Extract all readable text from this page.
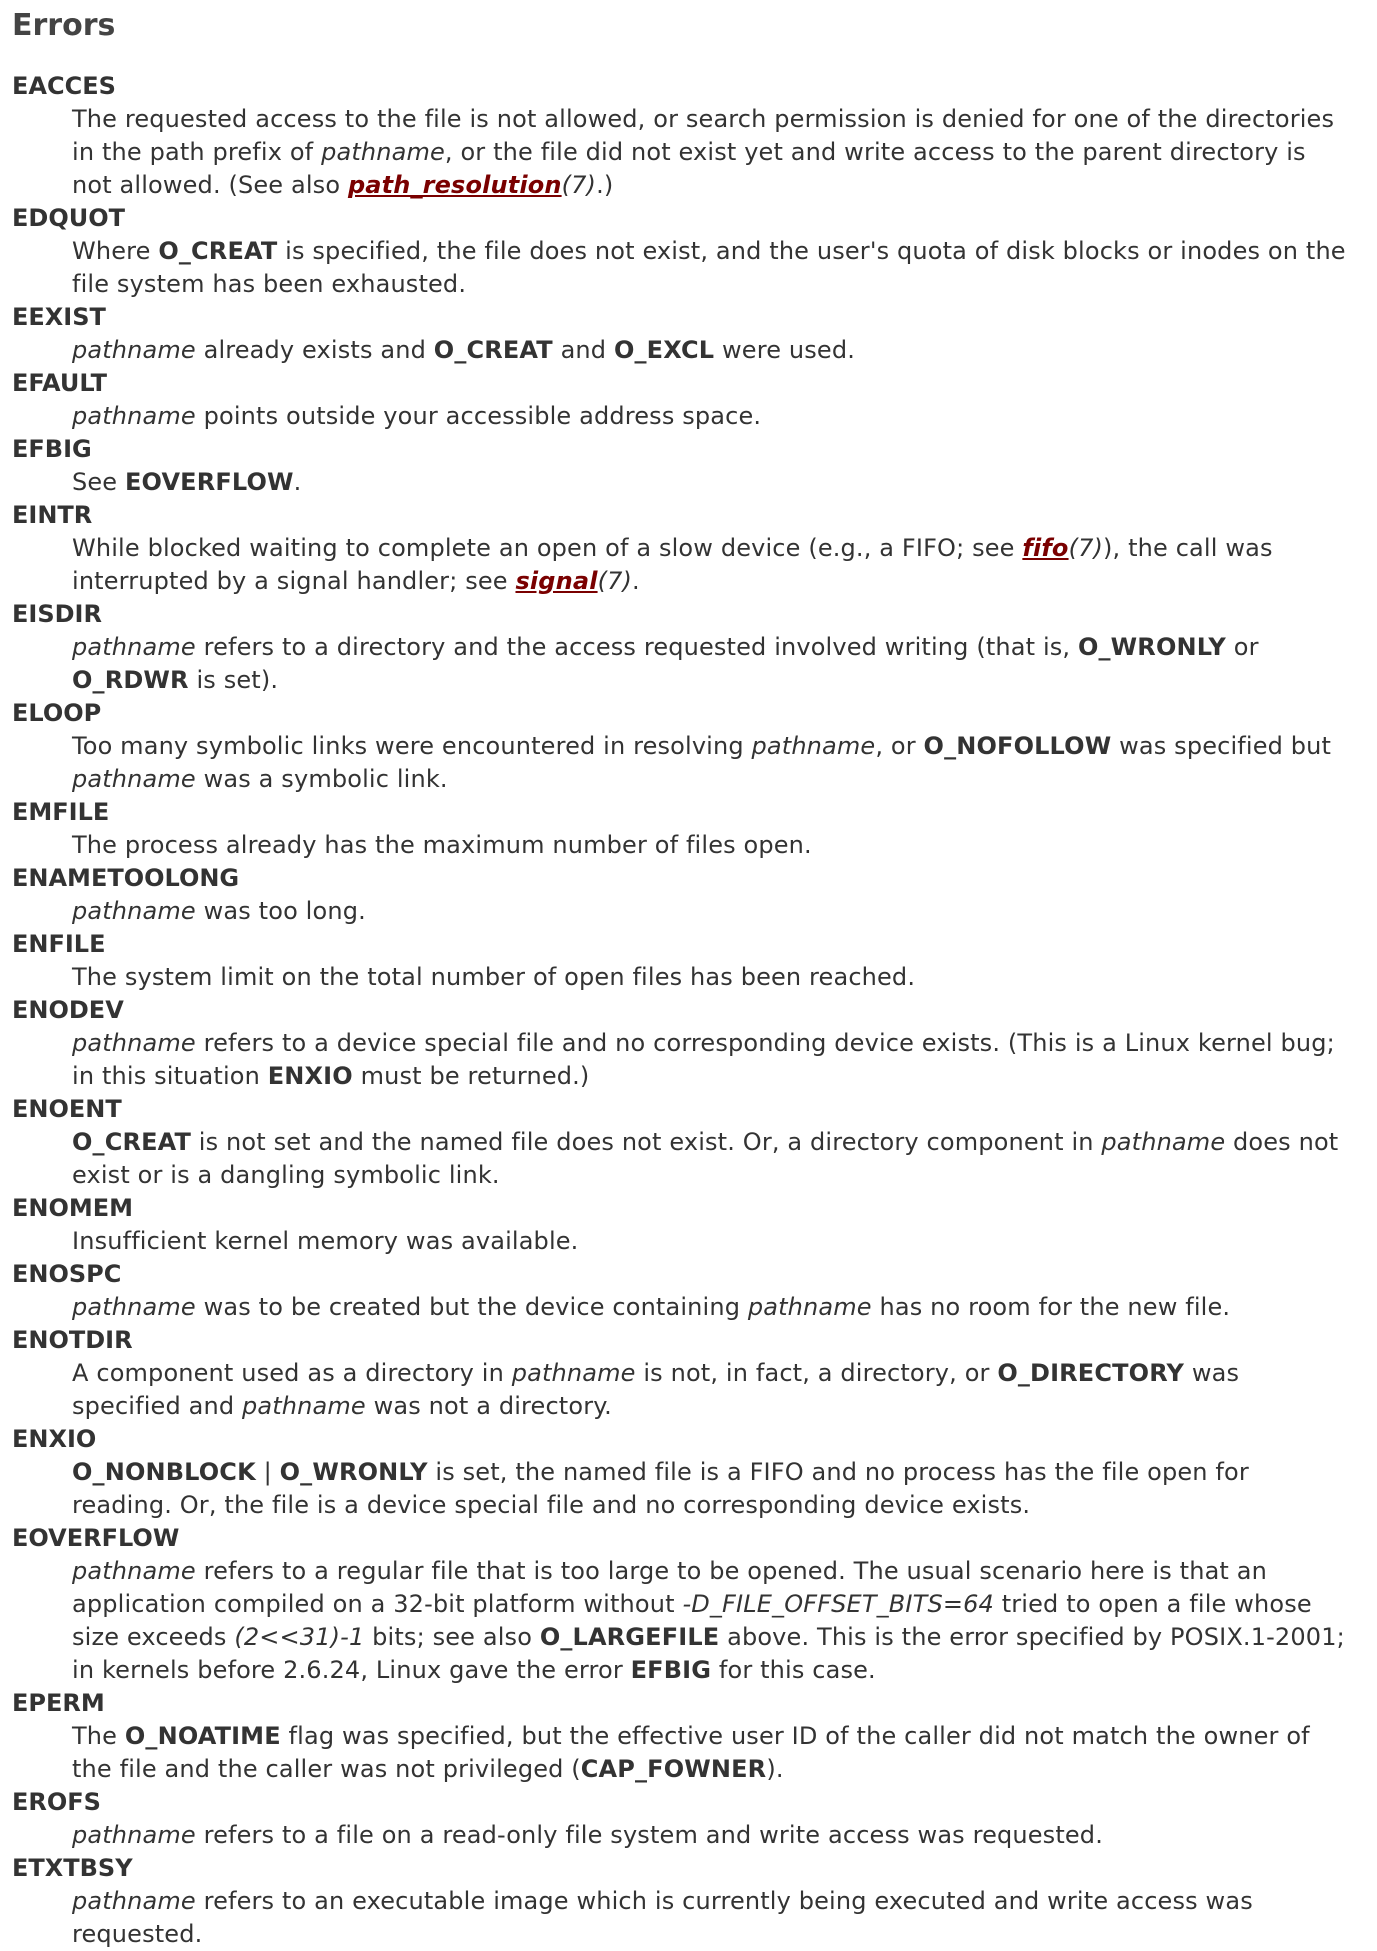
Errors
EACCES
The requested access to the file is not allowed, or search permission is denied for one of the directories in the path prefix of pathname, or the file did not exist yet and write access to the parent directory is not allowed. (See also path_resolution(7).)
EDQUOT
Where O_CREAT is specified, the file does not exist, and the user's quota of disk blocks or inodes on the file system has been exhausted.
EEXIST
pathname already exists and O_CREAT and O_EXCL were used.
EFAULT
pathname points outside your accessible address space.
EFBIG
See EOVERFLOW.
EINTR
While blocked waiting to complete an open of a slow device (e.g., a FIFO; see fifo(7)), the call was interrupted by a signal handler; see signal(7).
EISDIR
pathname refers to a directory and the access requested involved writing (that is, O_WRONLY or O_RDWR is set).
ELOOP
Too many symbolic links were encountered in resolving pathname, or O_NOFOLLOW was specified but pathname was a symbolic link.
EMFILE
The process already has the maximum number of files open.
ENAMETOOLONG
pathname was too long.
ENFILE
The system limit on the total number of open files has been reached.
ENODEV
pathname refers to a device special file and no corresponding device exists. (This is a Linux kernel bug; in this situation ENXIO must be returned.)
ENOENT
O_CREAT is not set and the named file does not exist. Or, a directory component in pathname does not exist or is a dangling symbolic link.
ENOMEM
Insufficient kernel memory was available.
ENOSPC
pathname was to be created but the device containing pathname has no room for the new file.
ENOTDIR
A component used as a directory in pathname is not, in fact, a directory, or O_DIRECTORY was specified and pathname was not a directory.
ENXIO
O_NONBLOCK | O_WRONLY is set, the named file is a FIFO and no process has the file open for reading. Or, the file is a device special file and no corresponding device exists.
EOVERFLOW
pathname refers to a regular file that is too large to be opened. The usual scenario here is that an application compiled on a 32-bit platform without -D_FILE_OFFSET_BITS=64 tried to open a file whose size exceeds (2<<31)-1 bits; see also O_LARGEFILE above. This is the error specified by POSIX.1-2001; in kernels before 2.6.24, Linux gave the error EFBIG for this case.
EPERM
The O_NOATIME flag was specified, but the effective user ID of the caller did not match the owner of the file and the caller was not privileged (CAP_FOWNER).
EROFS
pathname refers to a file on a read-only file system and write access was requested.
ETXTBSY
pathname refers to an executable image which is currently being executed and write access was requested.
